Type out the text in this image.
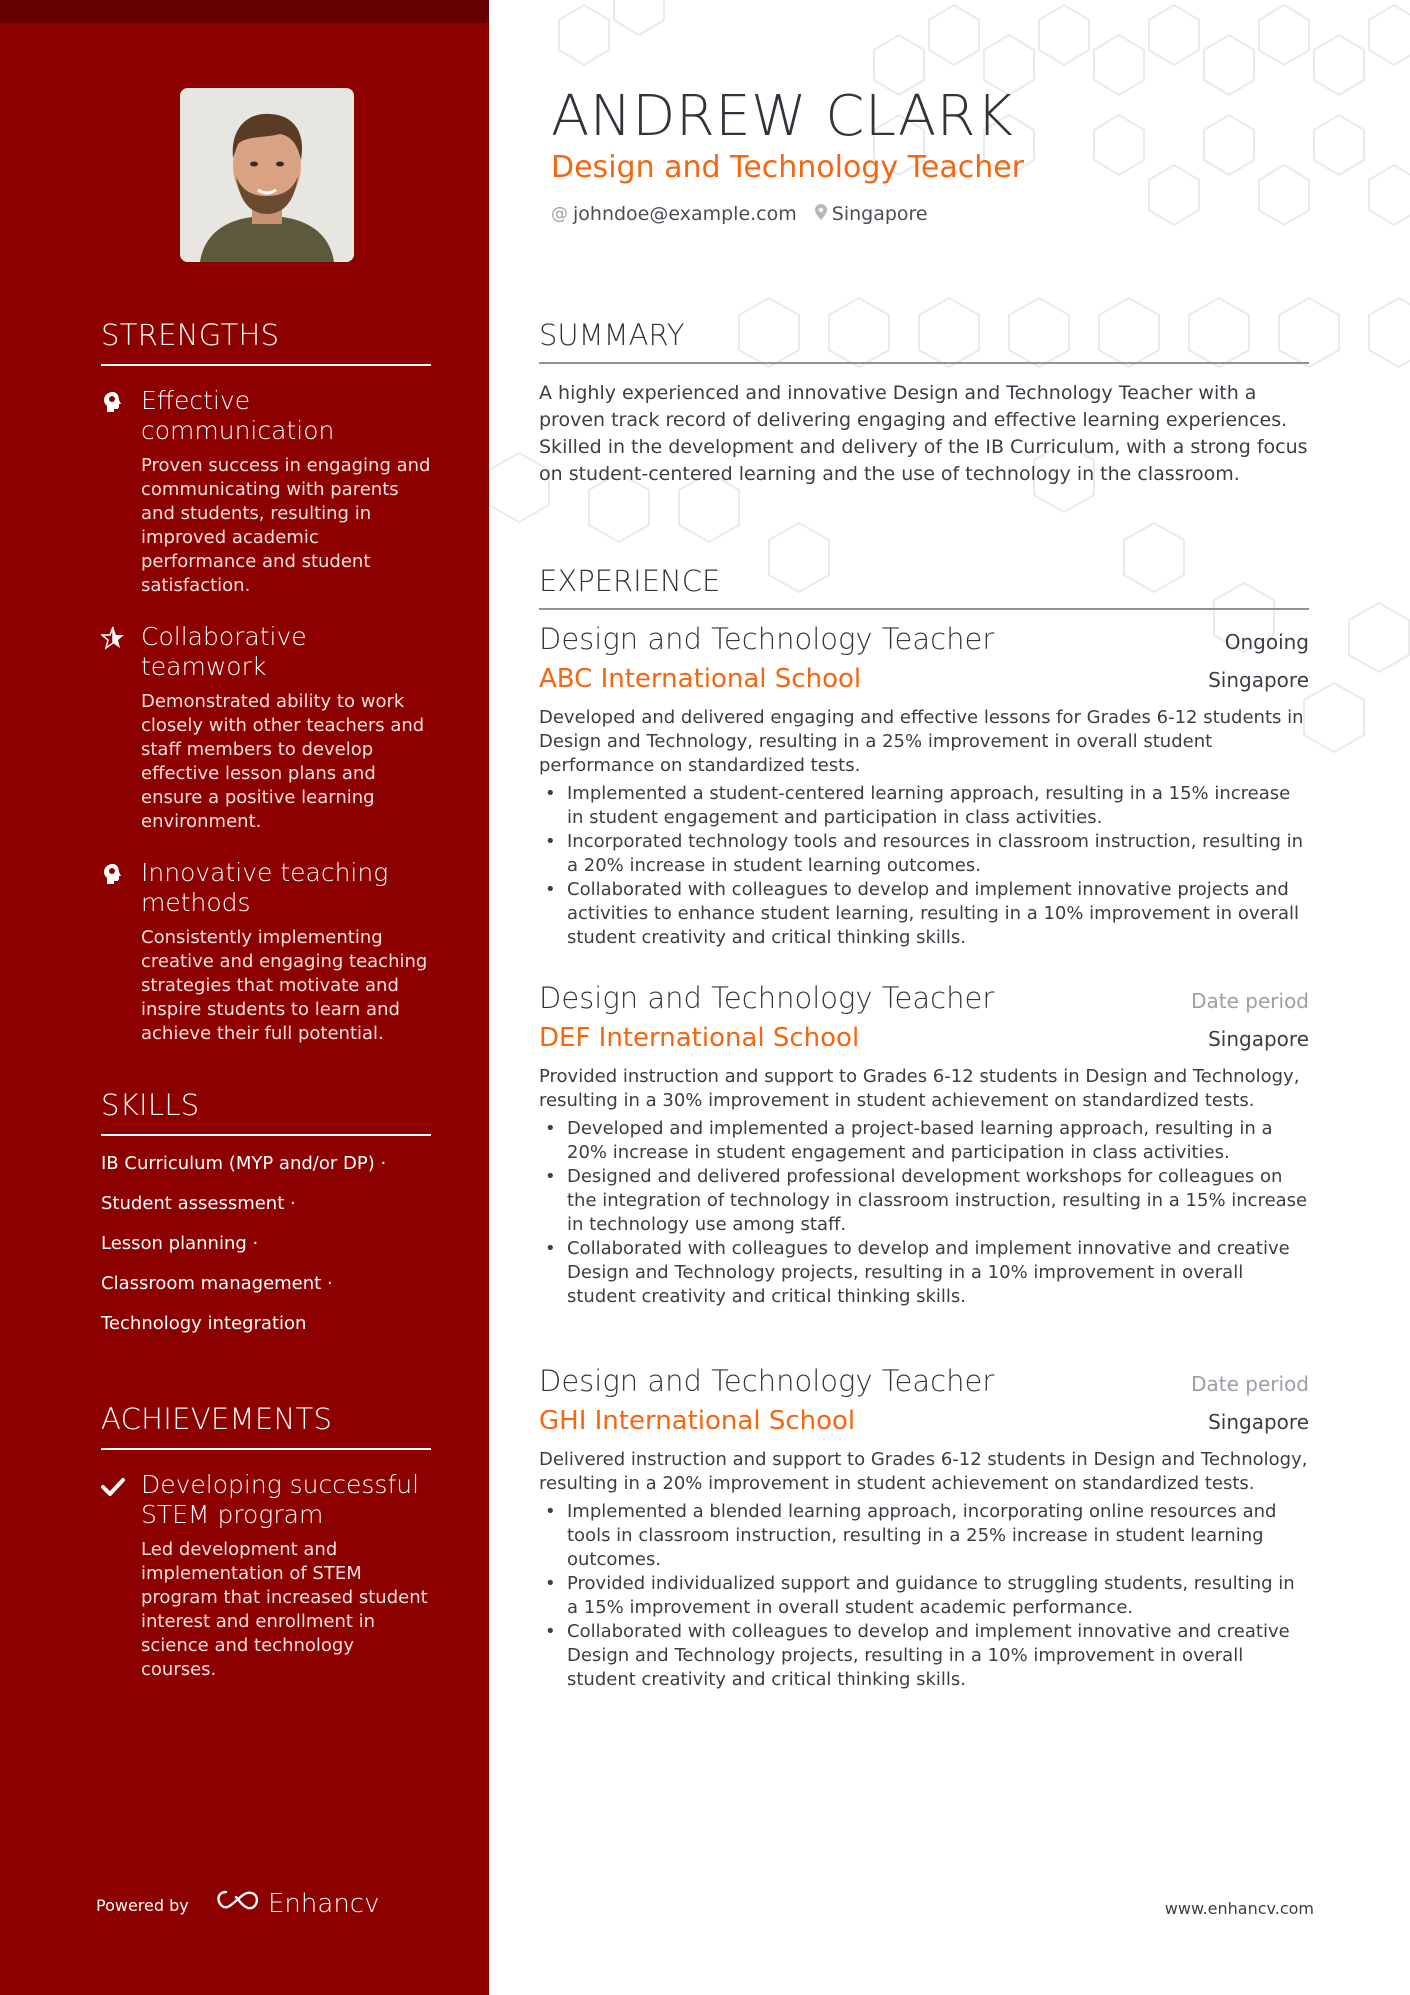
STRENGTHS
Effective communication
Proven success in engaging and communicating with parents and students, resulting in improved academic performance and student satisfaction.
Collaborative teamwork
Demonstrated ability to work closely with other teachers and staff members to develop effective lesson plans and ensure a positive learning environment.
Innovative teaching methods
Consistently implementing creative and engaging teaching strategies that motivate and inspire students to learn and achieve their full potential.
SKILLS
IB Curriculum (MYP and/or DP) ·
Student assessment ·
Lesson planning ·
Classroom management ·
Technology integration
ACHIEVEMENTS
Developing successful STEM program
Led development and implementation of STEM program that increased student interest and enrollment in science and technology courses.
Powered by	Enhancv
ANDREW CLARK
Design and Technology Teacher
@ johndoe@example.com Singapore
SUMMARY

A highly experienced and innovative Design and Technology Teacher with a proven track record of delivering engaging and effective learning experiences. Skilled in the development and delivery of the IB Curriculum, with a strong focus on student-centered learning and the use of technology in the classroom.

EXPERIENCE
Design and Technology Teacher	Ongoing
ABC International School	Singapore

Developed and delivered engaging and effective lessons for Grades 6-12 students in Design and Technology, resulting in a 25% improvement in overall student performance on standardized tests.

• Implemented a student-centered learning approach, resulting in a 15% increase in student engagement and participation in class activities.
• Incorporated technology tools and resources in classroom instruction, resulting in a 20% increase in student learning outcomes.
• Collaborated with colleagues to develop and implement innovative projects and activities to enhance student learning, resulting in a 10% improvement in overall student creativity and critical thinking skills.
Design and Technology Teacher	Date period
DEF International School	Singapore

Provided instruction and support to Grades 6-12 students in Design and Technology, resulting in a 30% improvement in student achievement on standardized tests.

• Developed and implemented a project-based learning approach, resulting in a 20% increase in student engagement and participation in class activities.
• Designed and delivered professional development workshops for colleagues on the integration of technology in classroom instruction, resulting in a 15% increase in technology use among staff.
• Collaborated with colleagues to develop and implement innovative and creative Design and Technology projects, resulting in a 10% improvement in overall student creativity and critical thinking skills.
Design and Technology Teacher	Date period
GHI International School	Singapore

Delivered instruction and support to Grades 6-12 students in Design and Technology, resulting in a 20% improvement in student achievement on standardized tests.

• Implemented a blended learning approach, incorporating online resources and tools in classroom instruction, resulting in a 25% increase in student learning outcomes.
• Provided individualized support and guidance to struggling students, resulting in a 15% improvement in overall student academic performance.
• Collaborated with colleagues to develop and implement innovative and creative Design and Technology projects, resulting in a 10% improvement in overall student creativity and critical thinking skills.
www.enhancv.com
